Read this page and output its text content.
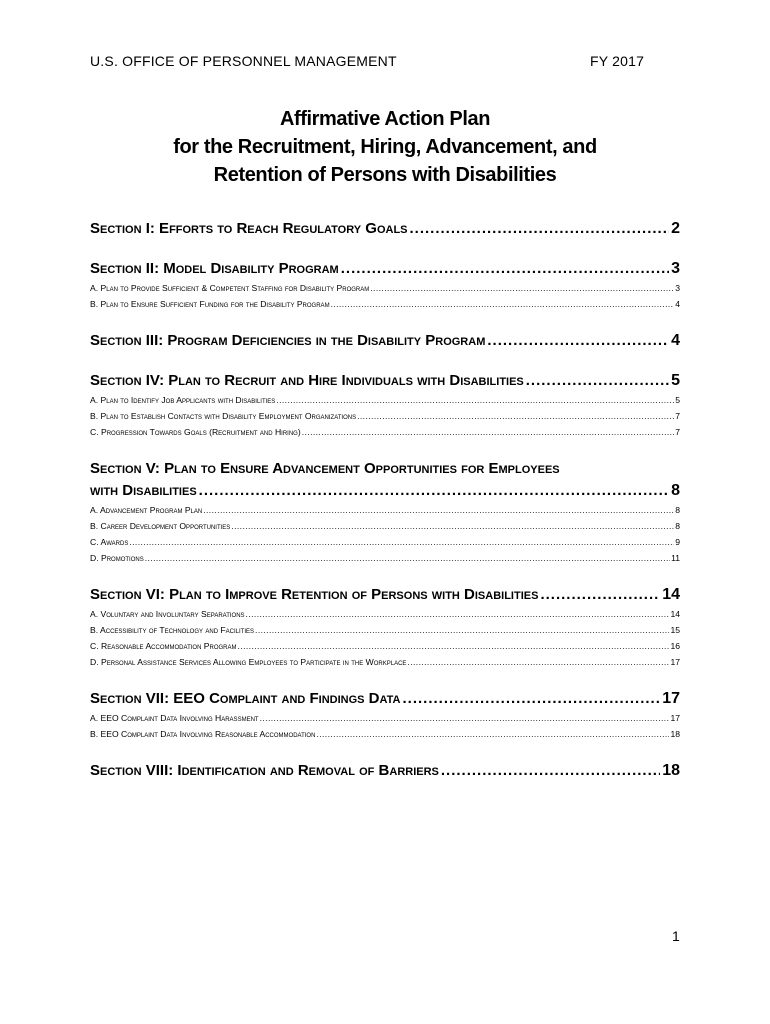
U.S. OFFICE OF PERSONNEL MANAGEMENT	FY 2017
Affirmative Action Plan
for the Recruitment, Hiring, Advancement, and
Retention of Persons with Disabilities
Section I: Efforts to Reach Regulatory Goals .....	2
Section II: Model Disability Program .....	3
A. Plan to Provide Sufficient & Competent Staffing for Disability Program .....	3
B. Plan to Ensure Sufficient Funding for the Disability Program .....	4
Section III: Program Deficiencies in the Disability Program .....	4
Section IV: Plan to Recruit and Hire Individuals with Disabilities .....	5
A. Plan to Identify Job Applicants with Disabilities .....	5
B. Plan to Establish Contacts with Disability Employment Organizations .....	7
C. Progression Towards Goals (Recruitment and Hiring) .....	7
Section V: Plan to Ensure Advancement Opportunities for Employees
with Disabilities .....	8
A. Advancement Program Plan .....	8
B. Career Development Opportunities .....	8
C. Awards .....	9
D. Promotions .....	11
Section VI: Plan to Improve Retention of Persons with Disabilities .....	14
A. Voluntary and Involuntary Separations .....	14
B. Accessibility of Technology and Facilities .....	15
C. Reasonable Accommodation Program .....	16
D. Personal Assistance Services Allowing Employees to Participate in the Workplace .....	17
Section VII: EEO Complaint and Findings Data .....	17
A. EEO Complaint Data Involving Harassment .....	17
B. EEO Complaint Data Involving Reasonable Accommodation .....	18
Section VIII: Identification and Removal of Barriers .....	18
1
